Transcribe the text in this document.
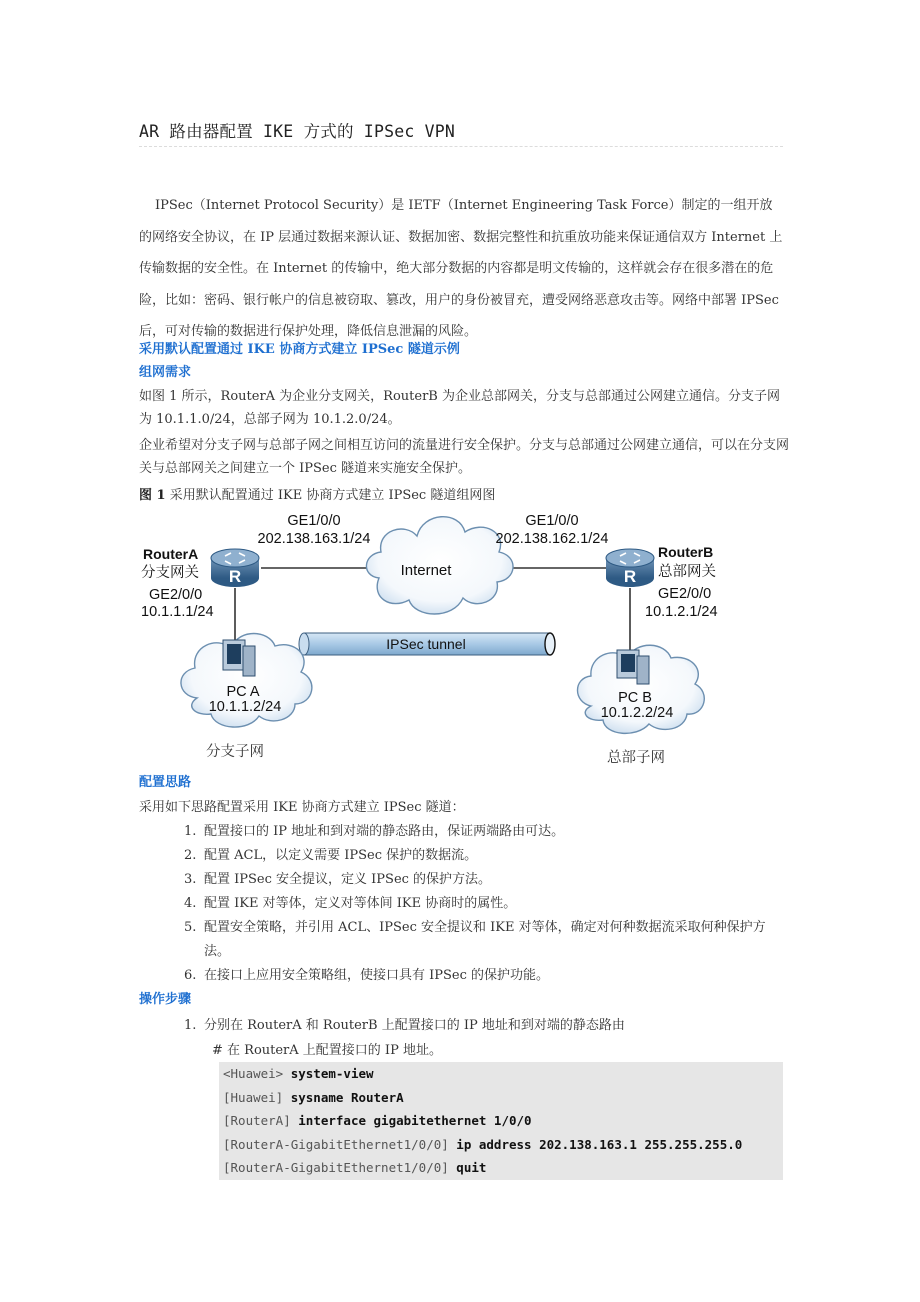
AR 路由器配置 IKE 方式的 IPSec VPN
IPSec（Internet Protocol Security）是 IETF（Internet Engineering Task Force）制定的一组开放的网络安全协议，在 IP 层通过数据来源认证、数据加密、数据完整性和抗重放功能来保证通信双方 Internet 上传输数据的安全性。在 Internet 的传输中，绝大部分数据的内容都是明文传输的，这样就会存在很多潜在的危险，比如：密码、银行帐户的信息被窃取、篡改，用户的身份被冒充，遭受网络恶意攻击等。网络中部署 IPSec 后，可对传输的数据进行保护处理，降低信息泄漏的风险。
采用默认配置通过 IKE 协商方式建立 IPSec 隧道示例
组网需求
如图 1 所示，RouterA 为企业分支网关，RouterB 为企业总部网关，分支与总部通过公网建立通信。分支子网为 10.1.1.0/24，总部子网为 10.1.2.0/24。
企业希望对分支子网与总部子网之间相互访问的流量进行安全保护。分支与总部通过公网建立通信，可以在分支网关与总部网关之间建立一个 IPSec 隧道来实施安全保护。
图 1 采用默认配置通过 IKE 协商方式建立 IPSec 隧道组网图
Internet
R
RouterA
分支网关
GE2/0/0
10.1.1.1/24
GE1/0/0
202.138.163.1/24
R
RouterB
总部网关
GE2/0/0
10.1.2.1/24
GE1/0/0
202.138.162.1/24
IPSec tunnel
PC A
10.1.1.2/24
分支子网
PC B
10.1.2.2/24
总部子网
配置思路
采用如下思路配置采用 IKE 协商方式建立 IPSec 隧道：
1. 配置接口的 IP 地址和到对端的静态路由，保证两端路由可达。
2. 配置 ACL，以定义需要 IPSec 保护的数据流。
3. 配置 IPSec 安全提议，定义 IPSec 的保护方法。
4. 配置 IKE 对等体，定义对等体间 IKE 协商时的属性。
5. 配置安全策略，并引用 ACL、IPSec 安全提议和 IKE 对等体，确定对何种数据流采取何种保护方法。
6. 在接口上应用安全策略组，使接口具有 IPSec 的保护功能。
操作步骤
1. 分别在 RouterA 和 RouterB 上配置接口的 IP 地址和到对端的静态路由
# 在 RouterA 上配置接口的 IP 地址。
<Huawei> system-view
[Huawei] sysname RouterA
[RouterA] interface gigabitethernet 1/0/0
[RouterA-GigabitEthernet1/0/0] ip address 202.138.163.1 255.255.255.0
[RouterA-GigabitEthernet1/0/0] quit
